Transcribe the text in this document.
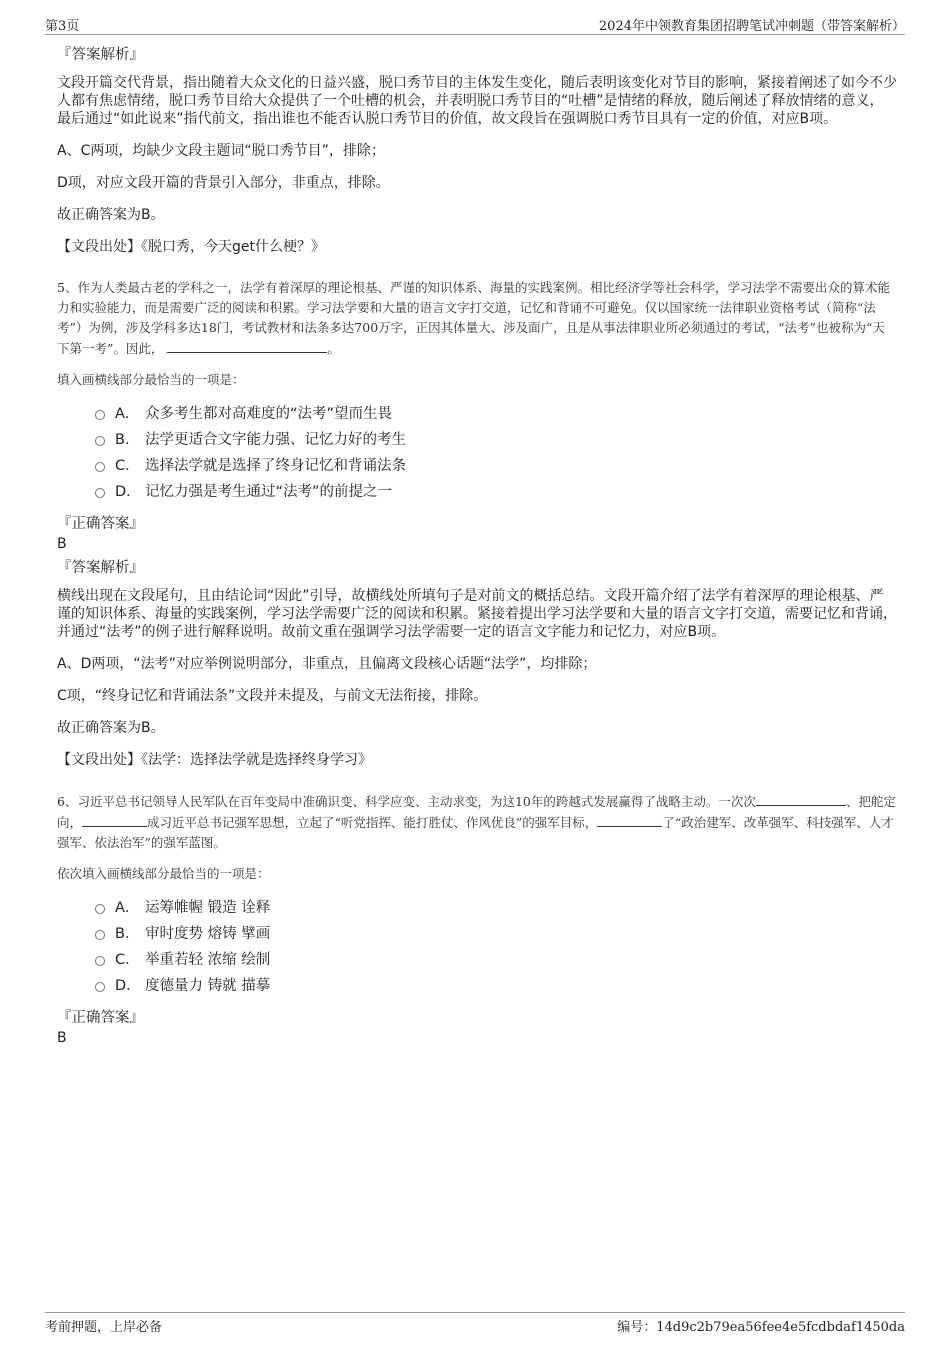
第3页	2024年中领教育集团招聘笔试冲刺题（带答案解析）
『答案解析』
文段开篇交代背景，指出随着大众文化的日益兴盛，脱口秀节目的主体发生变化，随后表明该变化对节目的影响，紧接着阐述了如今不少人都有焦虑情绪，脱口秀节目给大众提供了一个吐槽的机会，并表明脱口秀节目的“吐槽”是情绪的释放，随后阐述了释放情绪的意义，最后通过“如此说来”指代前文，指出谁也不能否认脱口秀节目的价值，故文段旨在强调脱口秀节目具有一定的价值，对应B项。
A、C两项，均缺少文段主题词“脱口秀节目”，排除；
D项，对应文段开篇的背景引入部分，非重点，排除。
故正确答案为B。
【文段出处】《脱口秀，今天get什么梗？》
5、作为人类最古老的学科之一，法学有着深厚的理论根基、严谨的知识体系、海量的实践案例。相比经济学等社会科学，学习法学不需要出众的算术能力和实验能力，而是需要广泛的阅读和积累。学习法学要和大量的语言文字打交道，记忆和背诵不可避免。仅以国家统一法律职业资格考试（简称“法考”）为例，涉及学科多达18门，考试教材和法条多达700万字，正因其体量大、涉及面广，且是从事法律职业所必须通过的考试，“法考”也被称为“天下第一考”。因此，	。
填入画横线部分最恰当的一项是：
A． 众多考生都对高难度的“法考”望而生畏
B． 法学更适合文字能力强、记忆力好的考生
C． 选择法学就是选择了终身记忆和背诵法条
D． 记忆力强是考生通过“法考”的前提之一
『正确答案』
B
『答案解析』
横线出现在文段尾句，且由结论词“因此”引导，故横线处所填句子是对前文的概括总结。文段开篇介绍了法学有着深厚的理论根基、严谨的知识体系、海量的实践案例，学习法学需要广泛的阅读和积累。紧接着提出学习法学要和大量的语言文字打交道，需要记忆和背诵，并通过“法考”的例子进行解释说明。故前文重在强调学习法学需要一定的语言文字能力和记忆力，对应B项。
A、D两项，“法考”对应举例说明部分，非重点，且偏离文段核心话题“法学”，均排除；
C项，“终身记忆和背诵法条”文段并未提及，与前文无法衔接，排除。
故正确答案为B。
【文段出处】《法学：选择法学就是选择终身学习》
6、习近平总书记领导人民军队在百年变局中准确识变、科学应变、主动求变，为这10年的跨越式发展赢得了战略主动。一次次	、把舵定向，	成习近平总书记强军思想，立起了“听党指挥、能打胜仗、作风优良”的强军目标，	了“政治建军、改革强军、科技强军、人才强军、依法治军”的强军蓝图。
依次填入画横线部分最恰当的一项是：
A． 运筹帷幄 锻造 诠释
B． 审时度势 熔铸 擘画
C． 举重若轻 浓缩 绘制
D． 度德量力 铸就 描摹
『正确答案』
B
考前押题，上岸必备	编号：14d9c2b79ea56fee4e5fcdbdaf1450da
